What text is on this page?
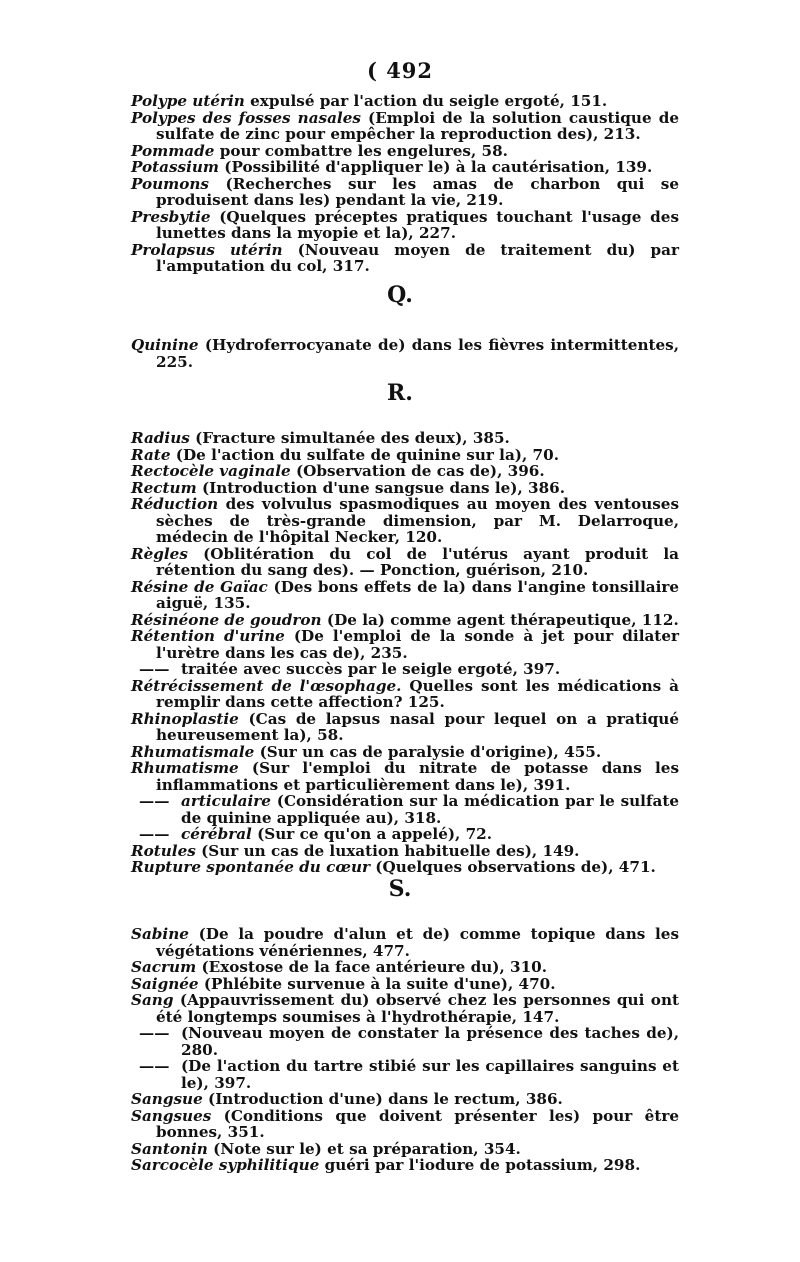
( 492

Polype utérin expulsé par l'action du seigle ergoté, 151.

Polypes des fosses nasales (Emploi de la solution caustique de sulfate de zinc pour empêcher la reproduction des), 213.

Pommade pour combattre les engelures, 58.

Potassium (Possibilité d'appliquer le) à la cautérisation, 139.

Poumons (Recherches sur les amas de charbon qui se produisent dans les) pendant la vie, 219.

Presbytie (Quelques préceptes pratiques touchant l'usage des lunettes dans la myopie et la), 227.

Prolapsus utérin (Nouveau moyen de traitement du) par l'amputation du col, 317.

Q.

Quinine (Hydroferrocyanate de) dans les fièvres intermittentes, 225.

R.

Radius (Fracture simultanée des deux), 385.

Rate (De l'action du sulfate de quinine sur la), 70.

Rectocèle vaginale (Observation de cas de), 396.

Rectum (Introduction d'une sangsue dans le), 386.

Réduction des volvulus spasmodiques au moyen des ventouses sèches de très-grande dimension, par M. Delarroque, médecin de l'hôpital Necker, 120.

Règles (Oblitération du col de l'utérus ayant produit la rétention du sang des). — Ponction, guérison, 210.

Résine de Gaïac (Des bons effets de la) dans l'angine tonsillaire aiguë, 135.

Résinéone de goudron (De la) comme agent thérapeutique, 112.

Rétention d'urine (De l'emploi de la sonde à jet pour dilater l'urètre dans les cas de), 235.

—— traitée avec succès par le seigle ergoté, 397.

Rétrécissement de l'œsophage. Quelles sont les médications à remplir dans cette affection? 125.

Rhinoplastie (Cas de lapsus nasal pour lequel on a pratiqué heureusement la), 58.

Rhumatismale (Sur un cas de paralysie d'origine), 455.

Rhumatisme (Sur l'emploi du nitrate de potasse dans les inflammations et particulièrement dans le), 391.

—— articulaire (Considération sur la médication par le sulfate de quinine appliquée au), 318.

—— cérébral (Sur ce qu'on a appelé), 72.

Rotules (Sur un cas de luxation habituelle des), 149.

Rupture spontanée du cœur (Quelques observations de), 471.

S.

Sabine (De la poudre d'alun et de) comme topique dans les végétations vénériennes, 477.

Sacrum (Exostose de la face antérieure du), 310.

Saignée (Phlébite survenue à la suite d'une), 470.

Sang (Appauvrissement du) observé chez les personnes qui ont été longtemps soumises à l'hydrothérapie, 147.

—— (Nouveau moyen de constater la présence des taches de), 280.

—— (De l'action du tartre stibié sur les capillaires sanguins et le), 397.

Sangsue (Introduction d'une) dans le rectum, 386.

Sangsues (Conditions que doivent présenter les) pour être bonnes, 351.

Santonin (Note sur le) et sa préparation, 354.

Sarcocèle syphilitique guéri par l'iodure de potassium, 298.
